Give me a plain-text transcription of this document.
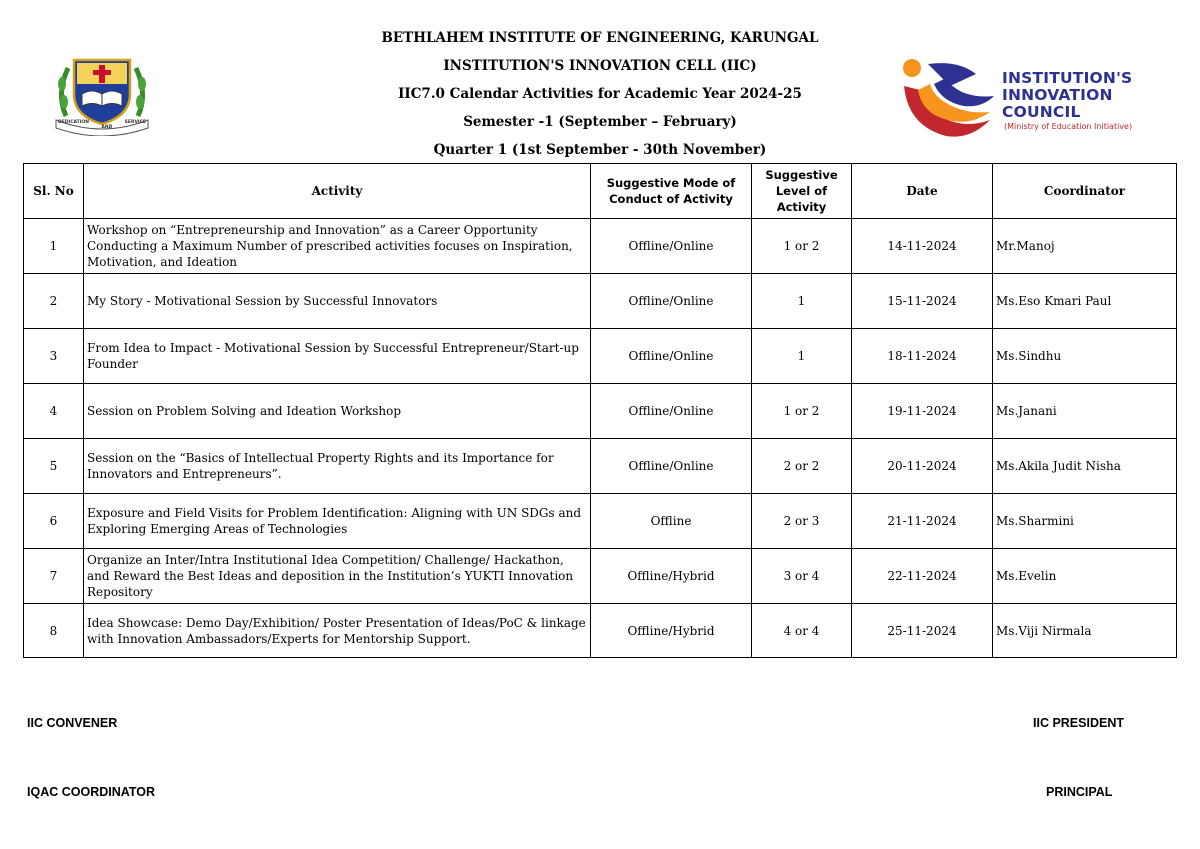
BETHLAHEM INSTITUTE OF ENGINEERING, KARUNGAL
INSTITUTION'S INNOVATION CELL (IIC)
IIC7.0 Calendar Activities for Academic Year 2024-25
Semester -1 (September – February)
Quarter 1 (1st September - 30th November)
DEDICATION
AND
SERVICE
INSTITUTION'S
INNOVATION
COUNCIL
(Ministry of Education Initiative)
Sl. No	Activity	Suggestive Mode of Conduct of Activity	Suggestive Level of Activity	Date	Coordinator
1	Workshop on “Entrepreneurship and Innovation” as a Career Opportunity Conducting a Maximum Number of prescribed activities focuses on Inspiration, Motivation, and Ideation	Offline/Online	1 or 2	14-11-2024	Mr.Manoj
2	My Story - Motivational Session by Successful Innovators	Offline/Online	1	15-11-2024	Ms.Eso Kmari Paul
3	From Idea to Impact - Motivational Session by Successful Entrepreneur/Start-up Founder	Offline/Online	1	18-11-2024	Ms.Sindhu
4	Session on Problem Solving and Ideation Workshop	Offline/Online	1 or 2	19-11-2024	Ms.Janani
5	Session on the “Basics of Intellectual Property Rights and its Importance for Innovators and Entrepreneurs”.	Offline/Online	2 or 2	20-11-2024	Ms.Akila Judit Nisha
6	Exposure and Field Visits for Problem Identification: Aligning with UN SDGs and Exploring Emerging Areas of Technologies	Offline	2 or 3	21-11-2024	Ms.Sharmini
7	Organize an Inter/Intra Institutional Idea Competition/ Challenge/ Hackathon, and Reward the Best Ideas and deposition in the Institution’s YUKTI Innovation Repository	Offline/Hybrid	3 or 4	22-11-2024	Ms.Evelin
8	Idea Showcase: Demo Day/Exhibition/ Poster Presentation of Ideas/PoC & linkage with Innovation Ambassadors/Experts for Mentorship Support.	Offline/Hybrid	4 or 4	25-11-2024	Ms.Viji Nirmala
IIC CONVENER	IIC PRESIDENT
IQAC COORDINATOR	PRINCIPAL
